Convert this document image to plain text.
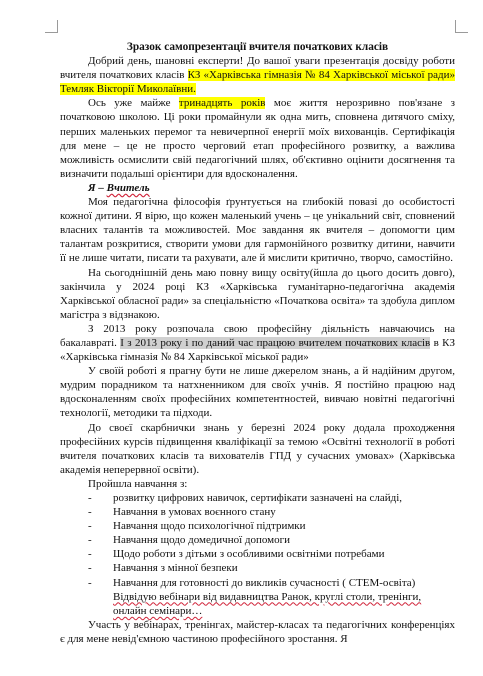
Зразок самопрезентації вчителя початкових класів

Добрий день, шановні експерти! До вашої уваги презентація досвіду роботи вчителя початкових класів КЗ «Харківська гімназія № 84 Харківської міської ради» Темляк Вікторії Миколаївни.

Ось уже майже тринадцять років моє життя нерозривно пов'язане з початковою школою. Ці роки промайнули як одна мить, сповнена дитячого сміху, перших маленьких перемог та невичерпної енергії моїх вихованців. Сертифікація для мене – це не просто черговий етап професійного розвитку, а важлива можливість осмислити свій педагогічний шлях, об'єктивно оцінити досягнення та визначити подальші орієнтири для вдосконалення.

Я – Вчитель

Моя педагогічна філософія ґрунтується на глибокій повазі до особистості кожної дитини. Я вірю, що кожен маленький учень – це унікальний світ, сповнений власних талантів та можливостей. Моє завдання як вчителя – допомогти цим талантам розкритися, створити умови для гармонійного розвитку дитини, навчити її не лише читати, писати та рахувати, але й мислити критично, творчо, самостійно.

На сьогоднішній день маю повну вищу освіту(йшла до цього досить довго), закінчила у 2024 році КЗ «Харківська гуманітарно-педагогічна академія Харківської обласної ради» за спеціальністю «Початкова освіта» та здобула диплом магістра з відзнакою.

З 2013 року розпочала свою професійну діяльність навчаючись на бакалавраті. І з 2013 року і по даний час працюю вчителем початкових класів в КЗ «Харківська гімназія № 84 Харківської міської ради»

У своїй роботі я прагну бути не лише джерелом знань, а й надійним другом, мудрим порадником та натхненником для своїх учнів. Я постійно працюю над вдосконаленням своїх професійних компетентностей, вивчаю новітні педагогічні технології, методики та підходи.

До своєї скарбнички знань у березні 2024 року додала проходження професійних курсів підвищення кваліфікації за темою «Освітні технології в роботі вчителя початкових класів та вихователів ГПД у сучасних умовах» (Харківська академія неперервної освіти).

Пройшла навчання з:

- розвитку цифрових навичок, сертифікати зазначені на слайді,
- Навчання в умовах воєнного стану
- Навчання щодо психологічної підтримки
- Навчання щодо домедичної допомоги
- Щодо роботи з дітьми з особливими освітніми потребами
- Навчання з мінної безпеки
- Навчання для готовності до викликів сучасності ( СТЕМ-освіта)
Відвідую вебінари від видавництва Ранок, круглі столи, тренінги, онлайн семінари…

Участь у вебінарах, тренінгах, майстер-класах та педагогічних конференціях є для мене невід'ємною частиною професійного зростання. Я
